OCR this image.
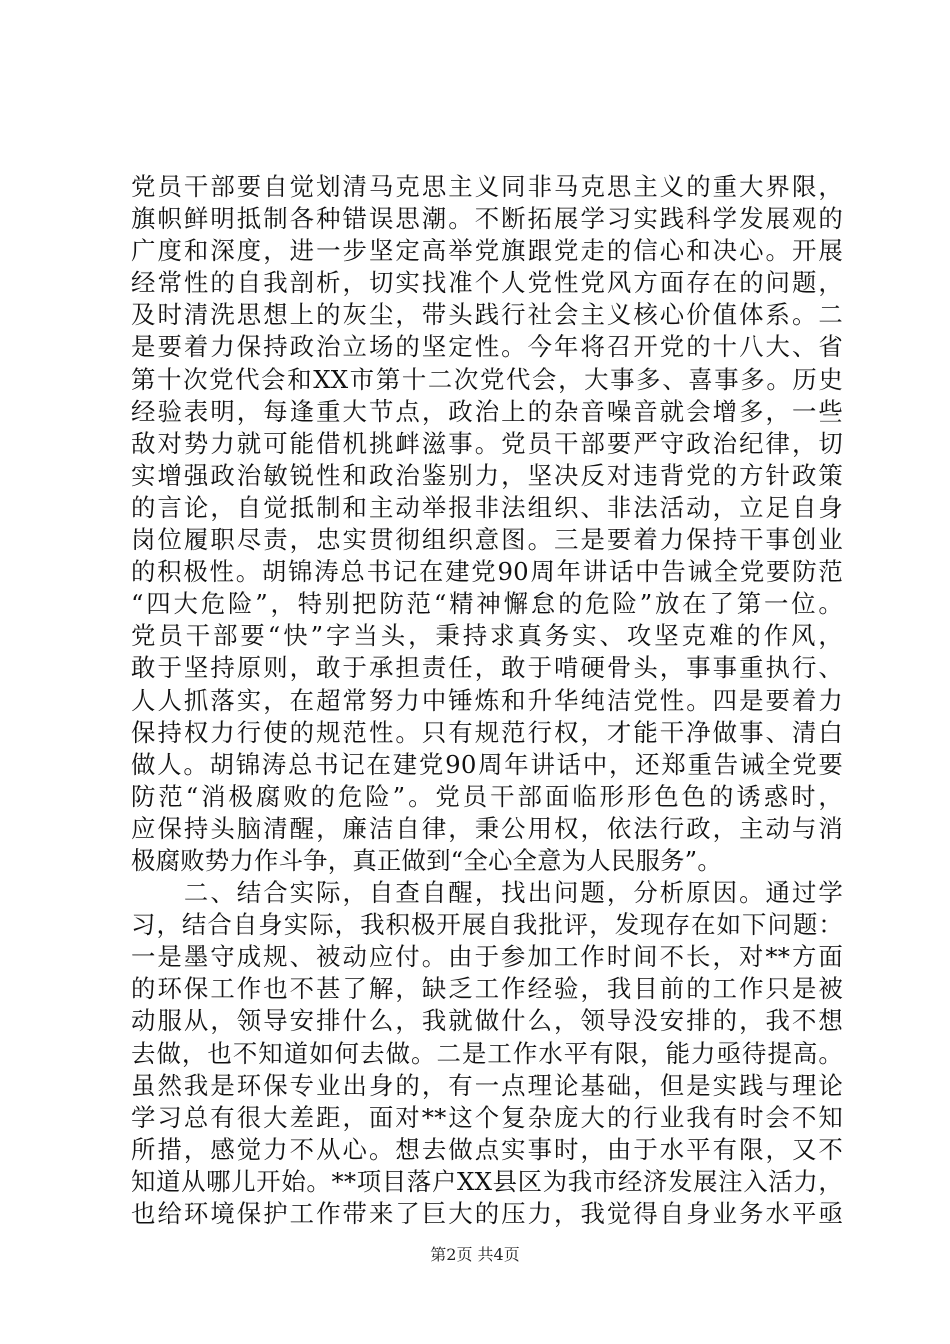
党员干部要自觉划清马克思主义同非马克思主义的重大界限，
旗帜鲜明抵制各种错误思潮。不断拓展学习实践科学发展观的
广度和深度，进一步坚定高举党旗跟党走的信心和决心。开展
经常性的自我剖析，切实找准个人党性党风方面存在的问题，
及时清洗思想上的灰尘，带头践行社会主义核心价值体系。二
是要着力保持政治立场的坚定性。今年将召开党的十八大、省
第十次党代会和XX市第十二次党代会，大事多、喜事多。历史
经验表明，每逢重大节点，政治上的杂音噪音就会增多，一些
敌对势力就可能借机挑衅滋事。党员干部要严守政治纪律，切
实增强政治敏锐性和政治鉴别力，坚决反对违背党的方针政策
的言论，自觉抵制和主动举报非法组织、非法活动，立足自身
岗位履职尽责，忠实贯彻组织意图。三是要着力保持干事创业
的积极性。胡锦涛总书记在建党90周年讲话中告诫全党要防范
“四大危险”，特别把防范“精神懈怠的危险”放在了第一位。
党员干部要“快”字当头，秉持求真务实、攻坚克难的作风，
敢于坚持原则，敢于承担责任，敢于啃硬骨头，事事重执行、
人人抓落实，在超常努力中锤炼和升华纯洁党性。四是要着力
保持权力行使的规范性。只有规范行权，才能干净做事、清白
做人。胡锦涛总书记在建党90周年讲话中，还郑重告诫全党要
防范“消极腐败的危险”。党员干部面临形形色色的诱惑时，
应保持头脑清醒，廉洁自律，秉公用权，依法行政，主动与消
极腐败势力作斗争，真正做到“全心全意为人民服务”。
　　二、结合实际，自查自醒，找出问题，分析原因。通过学
习，结合自身实际，我积极开展自我批评，发现存在如下问题：
一是墨守成规、被动应付。由于参加工作时间不长，对**方面
的环保工作也不甚了解，缺乏工作经验，我目前的工作只是被
动服从，领导安排什么，我就做什么，领导没安排的，我不想
去做，也不知道如何去做。二是工作水平有限，能力亟待提高。
虽然我是环保专业出身的，有一点理论基础，但是实践与理论
学习总有很大差距，面对**这个复杂庞大的行业我有时会不知
所措，感觉力不从心。想去做点实事时，由于水平有限，又不
知道从哪儿开始。**项目落户XX县区为我市经济发展注入活力，
也给环境保护工作带来了巨大的压力，我觉得自身业务水平亟
第2页 共4页
